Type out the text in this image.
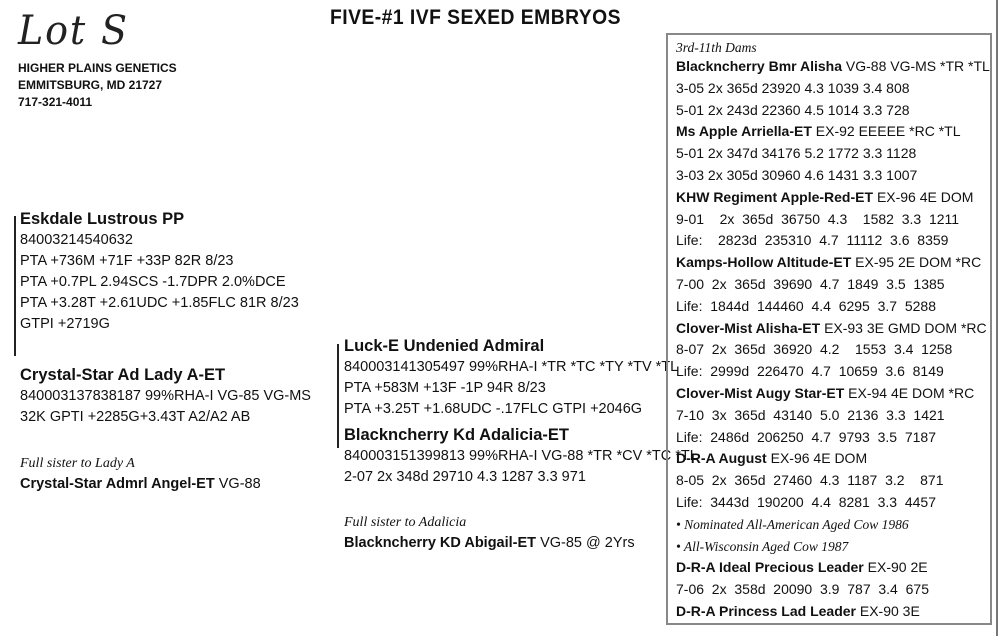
Lot S	FIVE-#1 IVF SEXED EMBRYOS
HIGHER PLAINS GENETICS
EMMITSBURG, MD 21727
717-321-4011
Eskdale Lustrous PP
84003214540632
PTA +736M +71F +33P 82R 8/23
PTA +0.7PL 2.94SCS -1.7DPR 2.0%DCE
PTA +3.28T +2.61UDC +1.85FLC 81R 8/23
GTPI +2719G
Crystal-Star Ad Lady A-ET
840003137838187 99%RHA-I VG-85 VG-MS
32K GPTI +2285G+3.43T A2/A2 AB
Full sister to Lady A
Crystal-Star Admrl Angel-ET VG-88
Luck-E Undenied Admiral
840003141305497 99%RHA-I *TR *TC *TY *TV *TL
PTA +583M +13F -1P 94R 8/23
PTA +3.25T +1.68UDC -.17FLC GTPI +2046G
Blackncherry Kd Adalicia-ET
840003151399813 99%RHA-I VG-88 *TR *CV *TC *TL
2-07 2x 348d 29710 4.3 1287 3.3 971
Full sister to Adalicia
Blackncherry KD Abigail-ET VG-85 @ 2Yrs
3rd-11th Dams
Blackncherry Bmr Alisha VG-88 VG-MS *TR *TL
3-05 2x 365d 23920 4.3 1039 3.4 808
5-01 2x 243d 22360 4.5 1014 3.3 728
Ms Apple Arriella-ET EX-92 EEEEE *RC *TL
5-01 2x 347d 34176 5.2 1772 3.3 1128
3-03 2x 305d 30960 4.6 1431 3.3 1007
KHW Regiment Apple-Red-ET EX-96 4E DOM
9-01    2x  365d  36750  4.3    1582  3.3  1211
Life:    2823d  235310  4.7  11112  3.6  8359
Kamps-Hollow Altitude-ET EX-95 2E DOM *RC
7-00  2x  365d  39690  4.7  1849  3.5  1385
Life:  1844d  144460  4.4  6295  3.7  5288
Clover-Mist Alisha-ET EX-93 3E GMD DOM *RC
8-07  2x  365d  36920  4.2    1553  3.4  1258
Life:  2999d  226470  4.7  10659  3.6  8149
Clover-Mist Augy Star-ET EX-94 4E DOM *RC
7-10  3x  365d  43140  5.0  2136  3.3  1421
Life:  2486d  206250  4.7  9793  3.5  7187
D-R-A August EX-96 4E DOM
8-05  2x  365d  27460  4.3  1187  3.2    871
Life:  3443d  190200  4.4  8281  3.3  4457
• Nominated All-American Aged Cow 1986
• All-Wisconsin Aged Cow 1987
D-R-A Ideal Precious Leader EX-90 2E
7-06  2x  358d  20090  3.9  787  3.4  675
D-R-A Princess Lad Leader EX-90 3E
